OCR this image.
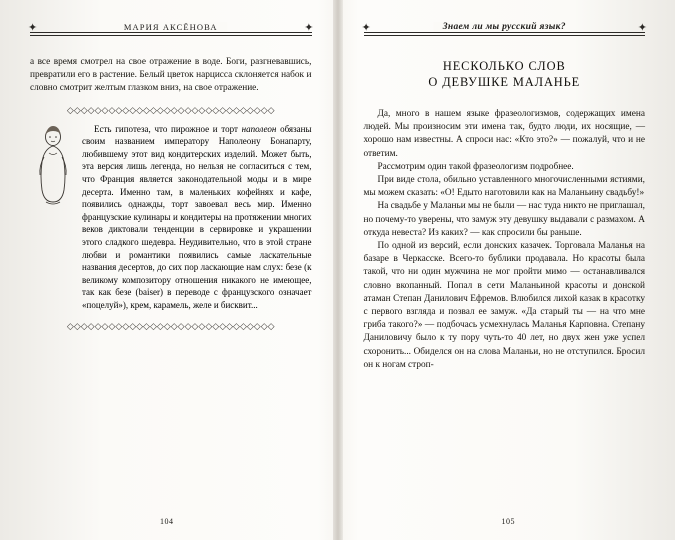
✦	✦
МАРИЯ АКСЁНОВА

а все время смотрел на свое отражение в воде. Боги, разгневавшись, превратили его в растение. Белый цветок нарцисса склоняется набок и словно смотрит желтым глазком вниз, на свое отражение.

◇◇◇◇◇◇◇◇◇◇◇◇◇◇◇◇◇◇◇◇◇◇◇◇◇◇◇◇◇◇

Есть гипотеза, что пирожное и торт наполеон обязаны своим названием императору Наполеону Бонапарту, любившему этот вид кондитерских изделий. Может быть, эта версия лишь легенда, но нельзя не согласиться с тем, что Франция является законодательной моды и в мире десерта. Именно там, в маленьких кофейнях и кафе, появились однажды, торт завоевал весь мир. Именно французские кулинары и кондитеры на протяжении многих веков диктовали тенденции в сервировке и украшении этого сладкого шедевра. Неудивительно, что в этой стране любви и романтики появились самые ласкательные названия десертов, до сих пор ласкающие нам слух: безе (к великому композитору отношения никакого не имеющее, так как безе (baiser) в переводе с французского означает «поцелуй»), крем, карамель, желе и бисквит...

◇◇◇◇◇◇◇◇◇◇◇◇◇◇◇◇◇◇◇◇◇◇◇◇◇◇◇◇◇◇
104
✦	✦
Знаем ли мы русский язык?
НЕСКОЛЬКО СЛОВ
О ДЕВУШКЕ МАЛАНЬЕ

Да, много в нашем языке фразеологизмов, содержащих имена людей. Мы произносим эти имена так, будто люди, их носящие, — хорошо нам известны. А спроси нас: «Кто это?» — пожалуй, что и не ответим.

Рассмотрим один такой фразеологизм подробнее.

При виде стола, обильно уставленного многочисленными ястиями, мы можем сказать: «О! Едыто наготовили как на Маланьину свадьбу!»

На свадьбе у Маланьи мы не были — нас туда никто не приглашал, но почему-то уверены, что замуж эту девушку выдавали с размахом. А откуда невеста? Из каких? — как спросили бы раньше.

По одной из версий, если донских казачек. Торговала Маланья на базаре в Черкасске. Всего-то бублики продавала. Но красоты была такой, что ни один мужчина не мог пройти мимо — останавливался словно вкопанный. Попал в сети Маланьиной красоты и донской атаман Степан Данилович Ефремов. Влюбился лихой казак в красотку с первого взгляда и позвал ее замуж. «Да старый ты — на что мне гриба такого?» — подбочась усмехнулась Маланья Карповна. Степану Даниловичу было к ту пору чуть-то 40 лет, но двух жен уже успел схоронить... Обиделся он на слова Маланьи, но не отступился. Бросил он к ногам строп-

105
